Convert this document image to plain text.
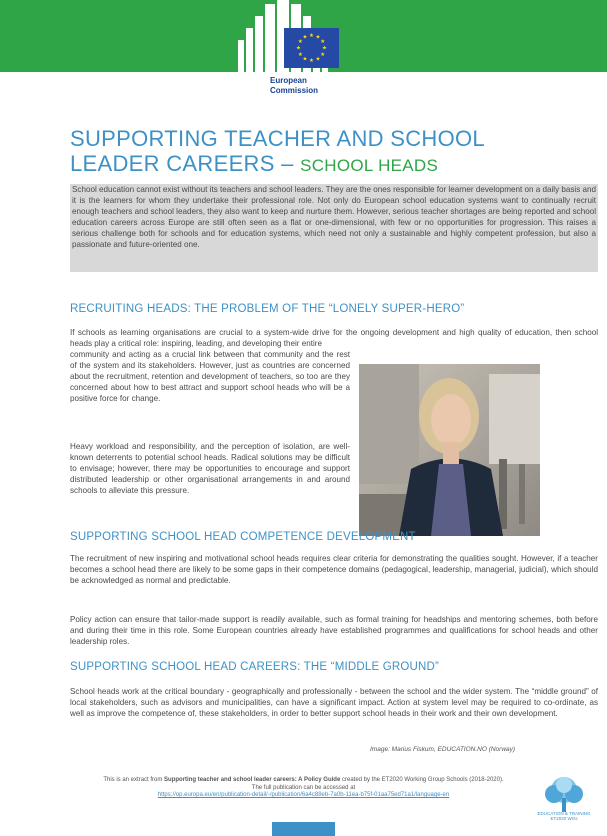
★ ★
★
★
★
★
★
★
★
★
★
★
European
Commission
SUPPORTING TEACHER AND SCHOOL LEADER CAREERS – SCHOOL HEADS
School education cannot exist without its teachers and school leaders. They are the ones responsible for learner development on a daily basis and it is the learners for whom they undertake their professional role. Not only do European school education systems want to continually recruit enough teachers and school leaders, they also want to keep and nurture them. However, serious teacher shortages are being reported and school education careers across Europe are still often seen as a flat or one-dimensional, with few or no opportunities for progression. This raises a serious challenge both for schools and for education systems, which need not only a sustainable and highly competent profession, but also a passionate and future-oriented one.
RECRUITING HEADS: THE PROBLEM OF THE “LONELY SUPER-HERO”
If schools as learning organisations are crucial to a system-wide drive for the ongoing development and high quality of education, then school heads play a critical role: inspiring, leading, and developing their entire
community and acting as a crucial link between that community and the rest of the system and its stakeholders. However, just as countries are concerned about the recruitment, retention and development of teachers, so too are they concerned about how to best attract and support school heads who will be a positive force for change.
Heavy workload and responsibility, and the perception of isolation, are well-known deterrents to potential school heads. Radical solutions may be difficult to envisage; however, there may be opportunities to encourage and support distributed leadership or other organisational arrangements in and around schools to alleviate this pressure.
SUPPORTING SCHOOL HEAD COMPETENCE DEVELOPMENT
The recruitment of new inspiring and motivational school heads requires clear criteria for demonstrating the qualities sought. However, if a teacher becomes a school head there are likely to be some gaps in their competence domains (pedagogical, leadership, managerial, judicial), which should be acknowledged as normal and predictable.
Policy action can ensure that tailor-made support is readily available, such as formal training for headships and mentoring schemes, both before and during their time in this role. Some European countries already have established programmes and qualifications for school heads and other leadership roles.
SUPPORTING SCHOOL HEAD CAREERS: THE “MIDDLE GROUND”
School heads work at the critical boundary - geographically and professionally - between the school and the wider system. The “middle ground” of local stakeholders, such as advisors and municipalities, can have a significant impact. Action at system level may be required to co-ordinate, as well as improve the competence of, these stakeholders, in order to better support school heads in their work and their own development.
Image: Marius Fiskum, EDUCATION.NO (Norway)
This is an extract from Supporting teacher and school leader careers: A Policy Guide created by the ET2020 Working Group Schools (2018-2020).
The full publication can be accessed at
https://op.europa.eu/en/publication-detail/-/publication/6a4c88eb-7a0b-11ea-b75f-01aa75ed71a1/language-en
EDUCATION & TRAINING
ET2020 WGs
